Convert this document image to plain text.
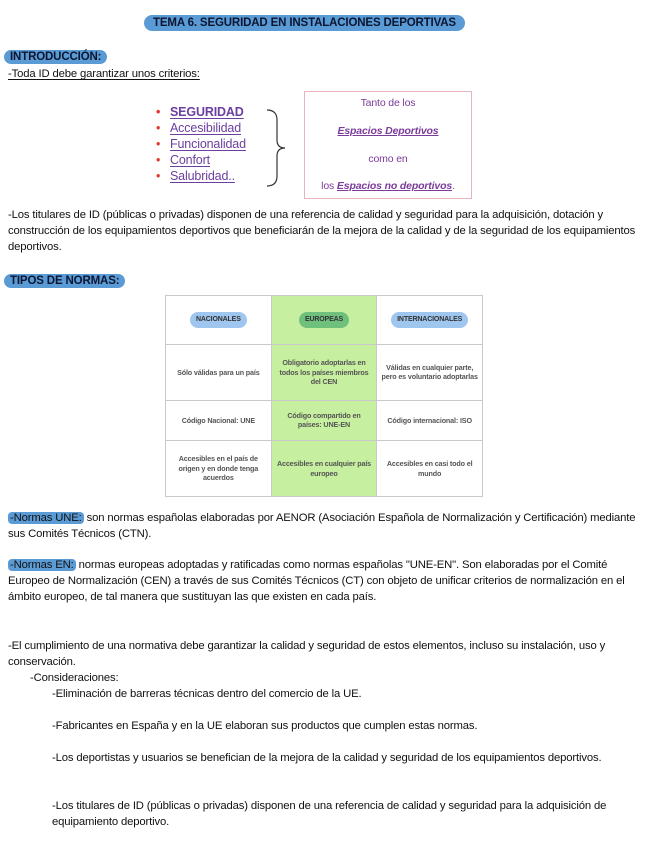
TEMA 6. SEGURIDAD EN INSTALACIONES DEPORTIVAS
INTRODUCCIÓN:
-Toda ID debe garantizar unos criterios:
• SEGURIDAD
• Accesibilidad
• Funcionalidad
• Confort
• Salubridad..
Tanto de los
Espacios Deportivos
como en
los Espacios no deportivos.
-Los titulares de ID (públicas o privadas) disponen de una referencia de calidad y seguridad para la adquisición, dotación y construcción de los equipamientos deportivos que beneficiarán de la mejora de la calidad y de la seguridad de los equipamientos deportivos.
TIPOS DE NORMAS:
NACIONALES	EUROPEAS	INTERNACIONALES
Sólo válidas para un país	Obligatorio adoptarlas en todos los países miembros del CEN	Válidas en cualquier parte, pero es voluntario adoptarlas
Código Nacional: UNE	Código compartido en países: UNE-EN	Código internacional: ISO
Accesibles en el país de origen y en donde tenga acuerdos	Accesibles en cualquier país europeo	Accesibles en casi todo el mundo
-Normas UNE: son normas españolas elaboradas por AENOR (Asociación Española de Normalización y Certificación) mediante sus Comités Técnicos (CTN).
-Normas EN: normas europeas adoptadas y ratificadas como normas españolas "UNE-EN". Son elaboradas por el Comité Europeo de Normalización (CEN) a través de sus Comités Técnicos (CT) con objeto de unificar criterios de normalización en el ámbito europeo, de tal manera que sustituyan las que existen en cada país.
-El cumplimiento de una normativa debe garantizar la calidad y seguridad de estos elementos, incluso su instalación, uso y conservación.
-Consideraciones:
-Eliminación de barreras técnicas dentro del comercio de la UE.
-Fabricantes en España y en la UE elaboran sus productos que cumplen estas normas.
-Los deportistas y usuarios se benefician de la mejora de la calidad y seguridad de los equipamientos deportivos.
-Los titulares de ID (públicas o privadas) disponen de una referencia de calidad y seguridad para la adquisición de equipamiento deportivo.
